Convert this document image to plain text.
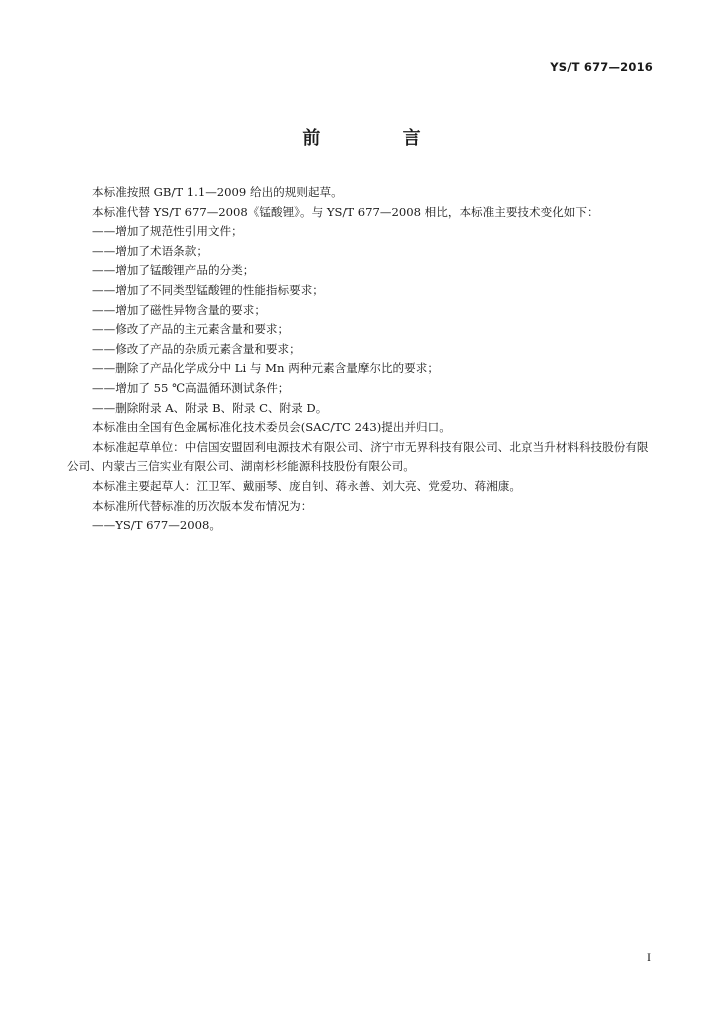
YS/T 677—2016
前 言

本标准按照 GB/T 1.1—2009 给出的规则起草。

本标准代替 YS/T 677—2008《锰酸锂》。与 YS/T 677—2008 相比，本标准主要技术变化如下：

——增加了规范性引用文件；

——增加了术语条款；

——增加了锰酸锂产品的分类；

——增加了不同类型锰酸锂的性能指标要求；

——增加了磁性异物含量的要求；

——修改了产品的主元素含量和要求；

——修改了产品的杂质元素含量和要求；

——删除了产品化学成分中 Li 与 Mn 两种元素含量摩尔比的要求；

——增加了 55 ℃高温循环测试条件；

——删除附录 A、附录 B、附录 C、附录 D。

本标准由全国有色金属标准化技术委员会(SAC/TC 243)提出并归口。

本标准起草单位：中信国安盟固利电源技术有限公司、济宁市无界科技有限公司、北京当升材料科技股份有限公司、内蒙古三信实业有限公司、湖南杉杉能源科技股份有限公司。

本标准主要起草人：江卫军、戴丽琴、庞自钊、蒋永善、刘大亮、党爱功、蒋湘康。

本标准所代替标准的历次版本发布情况为：

——YS/T 677—2008。

I
